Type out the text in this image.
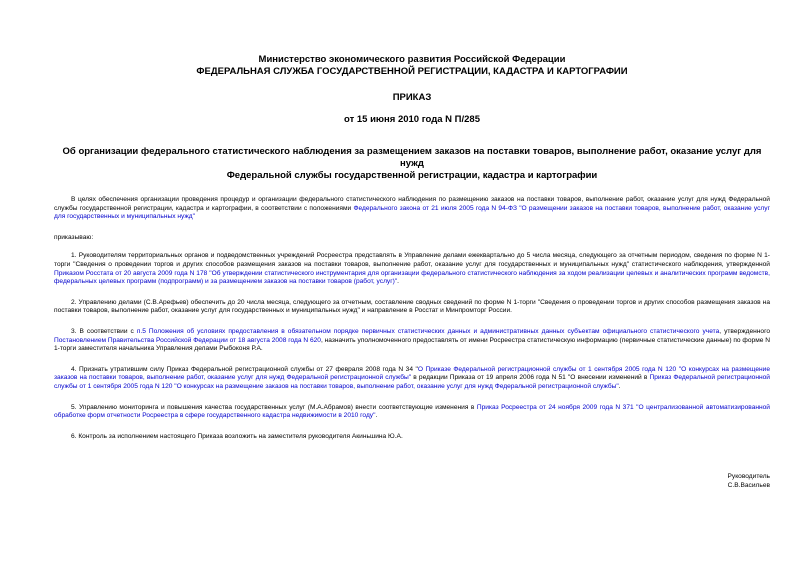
Министерство экономического развития Российской Федерации
ФЕДЕРАЛЬНАЯ СЛУЖБА ГОСУДАРСТВЕННОЙ РЕГИСТРАЦИИ, КАДАСТРА И КАРТОГРАФИИ
ПРИКАЗ
от 15 июня 2010 года N П/285
Об организации федерального статистического наблюдения за размещением заказов на поставки товаров, выполнение работ, оказание услуг для нужд
Федеральной службы государственной регистрации, кадастра и картографии

В целях обеспечения организации проведения процедур и организации федерального статистического наблюдения по размещению заказов на поставки товаров, выполнение работ, оказание услуг для нужд Федеральной службы государственной регистрации, кадастра и картографии, в соответствии с положениями Федерального закона от 21 июля 2005 года N 94-ФЗ "О размещении заказов на поставки товаров, выполнение работ, оказание услуг для государственных и муниципальных нужд"

приказываю:

1. Руководителям территориальных органов и подведомственных учреждений Росреестра представлять в Управление делами ежеквартально до 5 числа месяца, следующего за отчетным периодом, сведения по форме N 1-торги "Сведения о проведении торгов и других способов размещения заказов на поставки товаров, выполнение работ, оказание услуг для государственных и муниципальных нужд" статистического наблюдения, утвержденной Приказом Росстата от 20 августа 2009 года N 178 "Об утверждении статистического инструментария для организации федерального статистического наблюдения за ходом реализации целевых и аналитических программ ведомств, федеральных целевых программ (подпрограмм) и за размещением заказов на поставки товаров (работ, услуг)".

2. Управлению делами (С.В.Арефьев) обеспечить до 20 числа месяца, следующего за отчетным, составление сводных сведений по форме N 1-торги "Сведения о проведении торгов и других способов размещения заказов на поставки товаров, выполнение работ, оказание услуг для государственных и муниципальных нужд" и направление в Росстат и Минпромторг России.

3. В соответствии с п.5 Положения об условиях предоставления в обязательном порядке первичных статистических данных и административных данных субъектам официального статистического учета, утвержденного Постановлением Правительства Российской Федерации от 18 августа 2008 года N 620, назначить уполномоченного предоставлять от имени Росреестра статистическую информацию (первичные статистические данные) по форме N 1-торги заместителя начальника Управления делами Рыбоконя Р.А.

4. Признать утратившим силу Приказ Федеральной регистрационной службы от 27 февраля 2008 года N 34 "О Приказе Федеральной регистрационной службы от 1 сентября 2005 года N 120 "О конкурсах на размещение заказов на поставки товаров, выполнение работ, оказание услуг для нужд Федеральной регистрационной службы" в редакции Приказа от 19 апреля 2006 года N 51 "О внесении изменений в Приказ Федеральной регистрационной службы от 1 сентября 2005 года N 120 "О конкурсах на размещение заказов на поставки товаров, выполнение работ, оказание услуг для нужд Федеральной регистрационной службы".

5. Управлению мониторинга и повышения качества государственных услуг (М.А.Абрамов) внести соответствующие изменения в Приказ Росреестра от 24 ноября 2009 года N 371 "О централизованной автоматизированной обработке форм отчетности Росреестра в сфере государственного кадастра недвижимости в 2010 году".

6. Контроль за исполнением настоящего Приказа возложить на заместителя руководителя Акиньшина Ю.А.

Руководитель
С.В.Васильев
